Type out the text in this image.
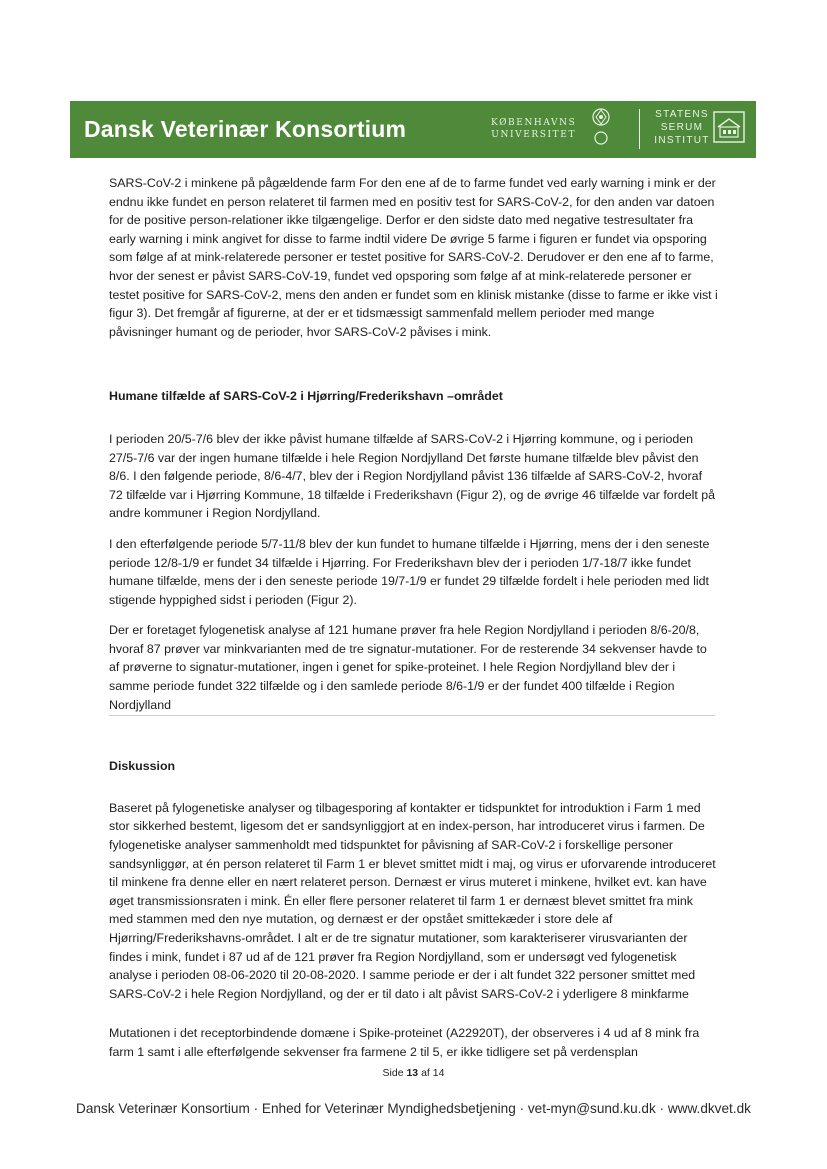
Dansk Veterinær Konsortium	KØBENHAVNS
UNIVERSITET
STATENS
SERUM
INSTITUT

SARS-CoV-2 i minkene på pågældende farm For den ene af de to farme fundet ved early warning i mink er der endnu ikke fundet en person relateret til farmen med en positiv test for SARS-CoV-2, for den anden var datoen for de positive person-relationer ikke tilgængelige. Derfor er den sidste dato med negative testresultater fra early warning i mink angivet for disse to farme indtil videre De øvrige 5 farme i figuren er fundet via opsporing som følge af at mink-relaterede personer er testet positive for SARS-CoV-2. Derudover er den ene af to farme, hvor der senest er påvist SARS-CoV-19, fundet ved opsporing som følge af at mink-relaterede personer er testet positive for SARS-CoV-2, mens den anden er fundet som en klinisk mistanke (disse to farme er ikke vist i figur 3). Det fremgår af figurerne, at der er et tidsmæssigt sammenfald mellem perioder med mange påvisninger humant og de perioder, hvor SARS-CoV-2 påvises i mink.

Humane tilfælde af SARS-CoV-2 i Hjørring/Frederikshavn –området

I perioden 20/5-7/6 blev der ikke påvist humane tilfælde af SARS-CoV-2 i Hjørring kommune, og i perioden 27/5-7/6 var der ingen humane tilfælde i hele Region Nordjylland Det første humane tilfælde blev påvist den 8/6. I den følgende periode, 8/6-4/7, blev der i Region Nordjylland påvist 136 tilfælde af SARS-CoV-2, hvoraf 72 tilfælde var i Hjørring Kommune, 18 tilfælde i Frederikshavn (Figur 2), og de øvrige 46 tilfælde var fordelt på andre kommuner i Region Nordjylland.

I den efterfølgende periode 5/7-11/8 blev der kun fundet to humane tilfælde i Hjørring, mens der i den seneste periode 12/8-1/9 er fundet 34 tilfælde i Hjørring. For Frederikshavn blev der i perioden 1/7-18/7 ikke fundet humane tilfælde, mens der i den seneste periode 19/7-1/9 er fundet 29 tilfælde fordelt i hele perioden med lidt stigende hyppighed sidst i perioden (Figur 2).

Der er foretaget fylogenetisk analyse af 121 humane prøver fra hele Region Nordjylland i perioden 8/6-20/8, hvoraf 87 prøver var minkvarianten med de tre signatur-mutationer. For de resterende 34 sekvenser havde to af prøverne to signatur-mutationer, ingen i genet for spike-proteinet. I hele Region Nordjylland blev der i samme periode fundet 322 tilfælde og i den samlede periode 8/6-1/9 er der fundet 400 tilfælde i Region Nordjylland

Diskussion

Baseret på fylogenetiske analyser og tilbagesporing af kontakter er tidspunktet for introduktion i Farm 1 med stor sikkerhed bestemt, ligesom det er sandsynliggjort at en index-person, har introduceret virus i farmen. De fylogenetiske analyser sammenholdt med tidspunktet for påvisning af SAR-CoV-2 i forskellige personer sandsynliggør, at én person relateret til Farm 1 er blevet smittet midt i maj, og virus er uforvarende introduceret til minkene fra denne eller en nært relateret person. Dernæst er virus muteret i minkene, hvilket evt. kan have øget transmissionsraten i mink. Én eller flere personer relateret til farm 1 er dernæst blevet smittet fra mink med stammen med den nye mutation, og dernæst er der opstået smittekæder i store dele af Hjørring/Frederikshavns-området. I alt er de tre signatur mutationer, som karakteriserer virusvarianten der findes i mink, fundet i 87 ud af de 121 prøver fra Region Nordjylland, som er undersøgt ved fylogenetisk analyse i perioden 08-06-2020 til 20-08-2020. I samme periode er der i alt fundet 322 personer smittet med SARS-CoV-2 i hele Region Nordjylland, og der er til dato i alt påvist SARS-CoV-2 i yderligere 8 minkfarme

Mutationen i det receptorbindende domæne i Spike-proteinet (A22920T), der observeres i 4 ud af 8 mink fra farm 1 samt i alle efterfølgende sekvenser fra farmene 2 til 5, er ikke tidligere set på verdensplan

Side 13 af 14
Dansk Veterinær Konsortium · Enhed for Veterinær Myndighedsbetjening · vet-myn@sund.ku.dk · www.dkvet.dk
